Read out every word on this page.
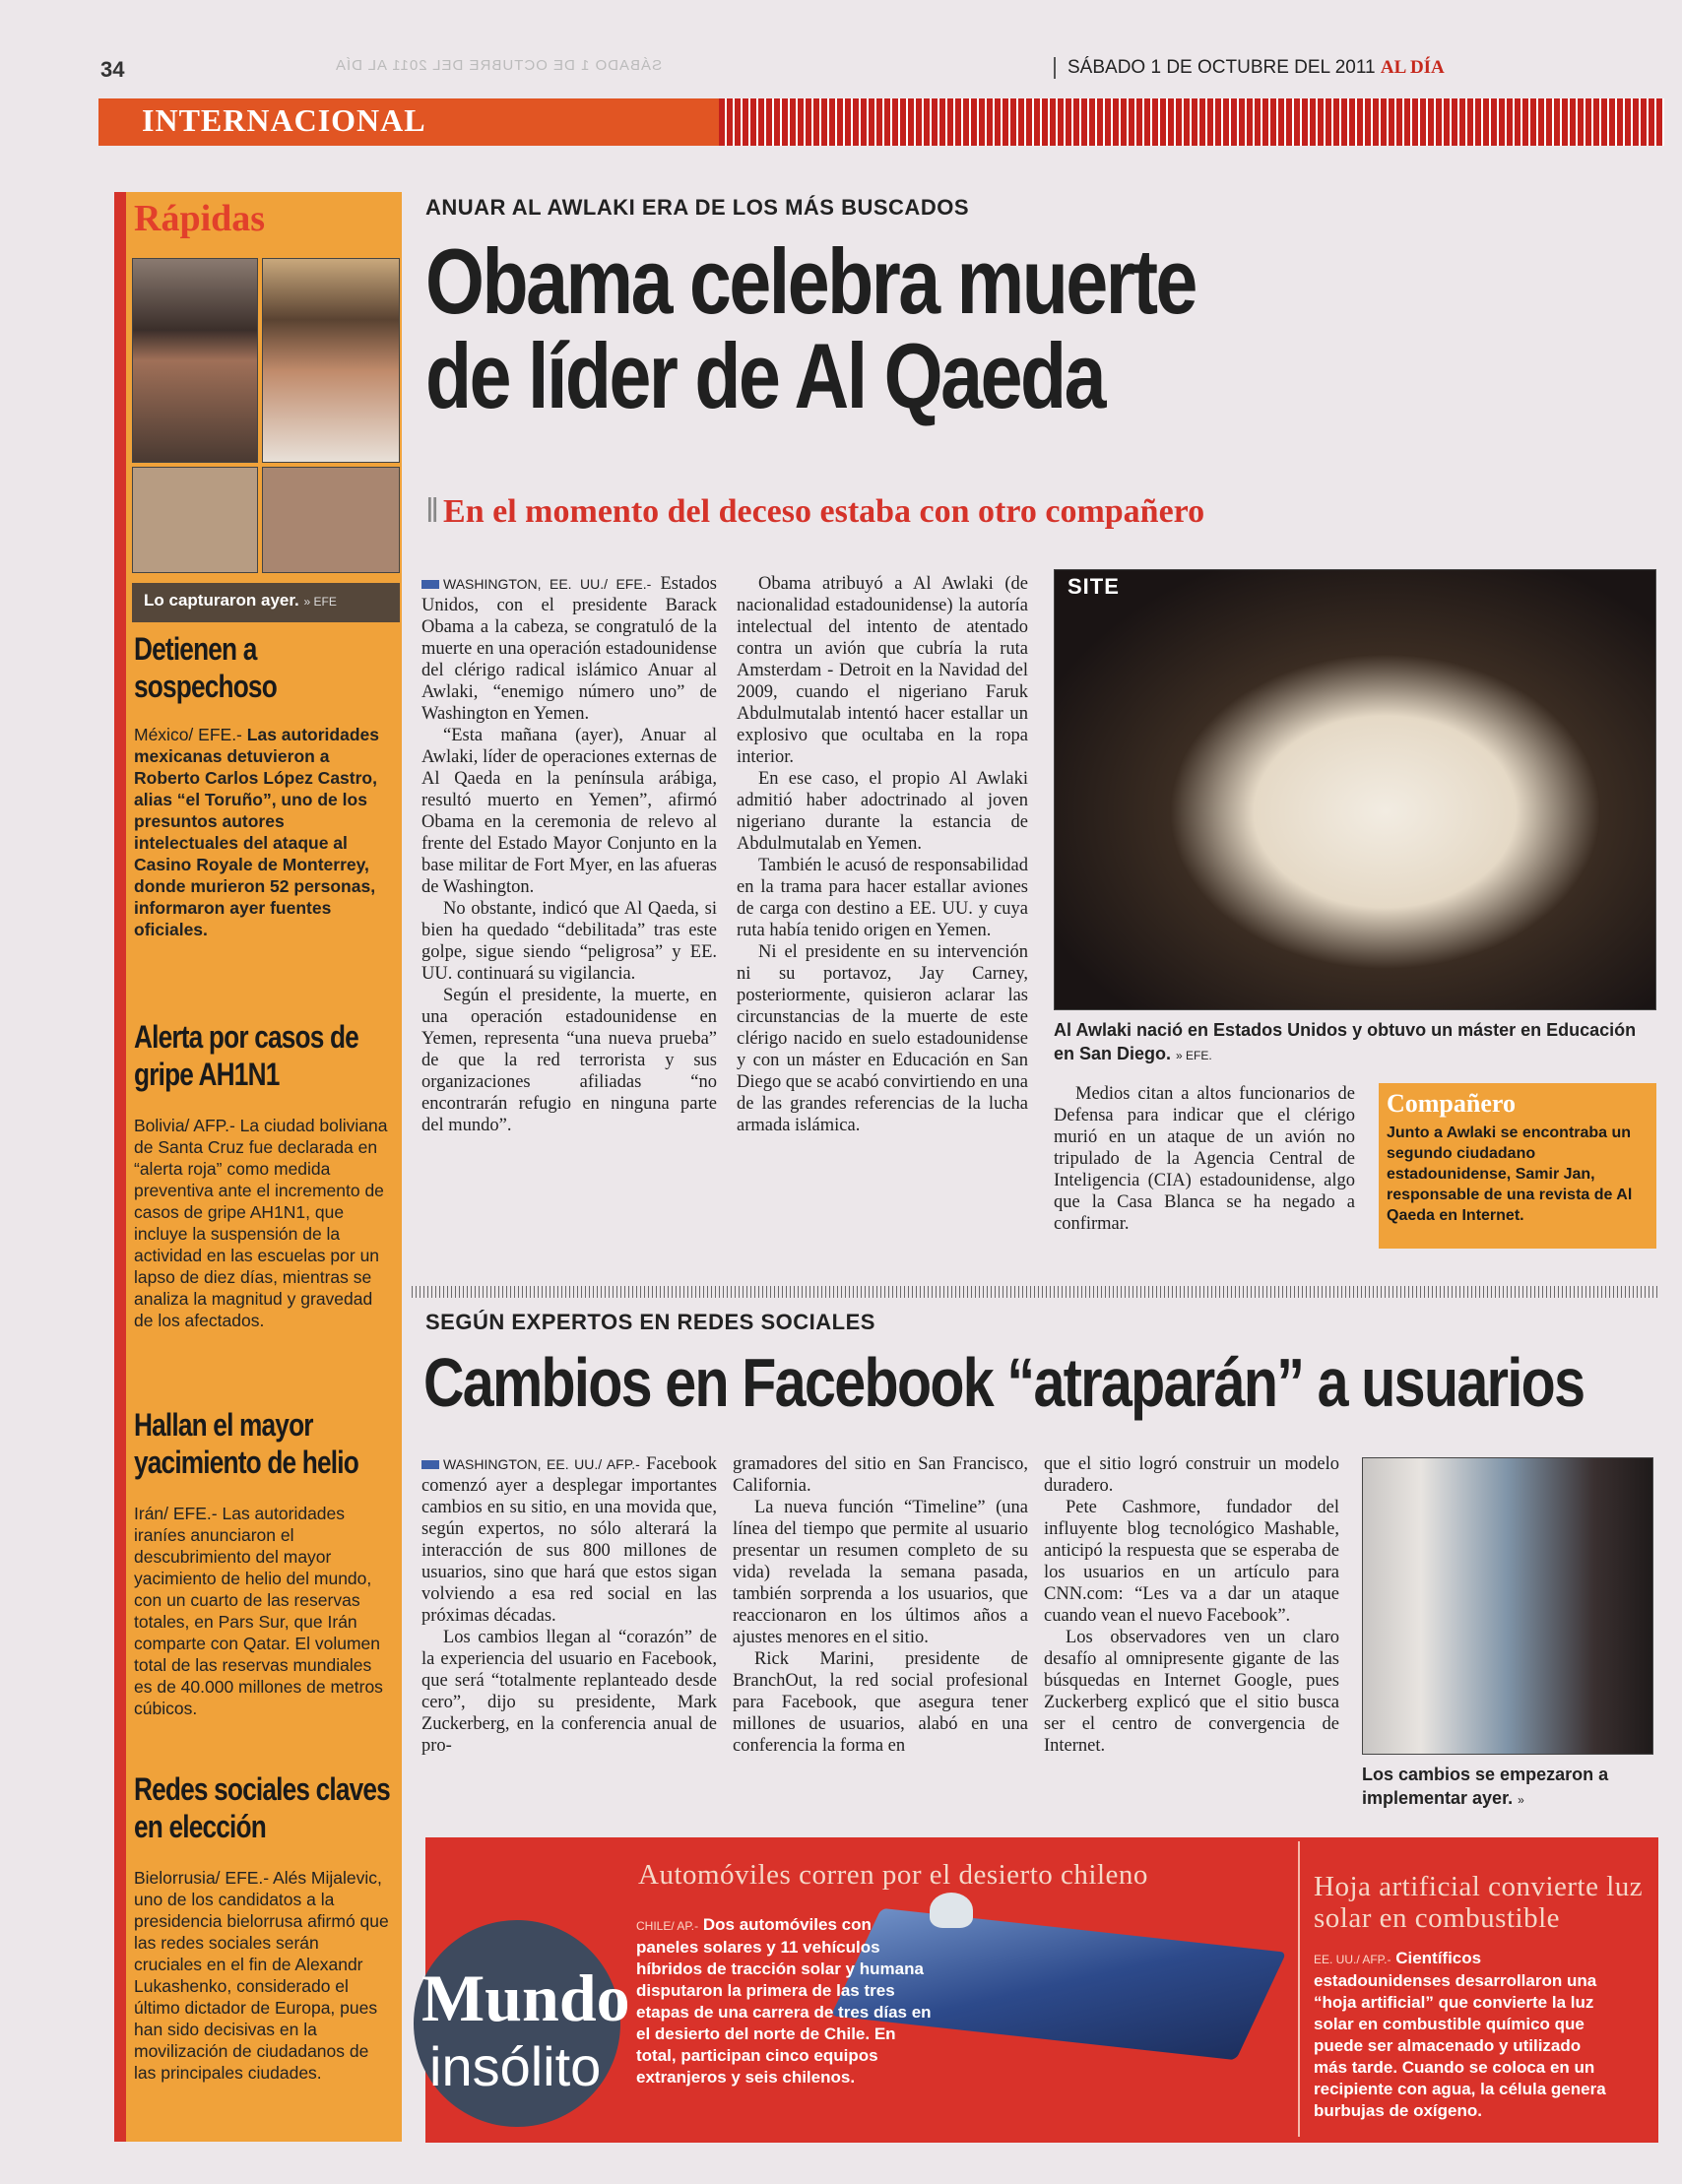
34	SÁBADO 1 DE OCTUBRE DEL 2011 AL DÍA	SÁBADO 1 DE OCTUBRE DEL 2011 AL DÍA
INTERNACIONAL
Rápidas
Lo capturaron ayer. » EFE
Detienen a sospechoso
México/ EFE.- Las autoridades mexicanas detuvieron a Roberto Carlos López Castro, alias “el Toruño”, uno de los presuntos autores intelectuales del ataque al Casino Royale de Monterrey, donde murieron 52 personas, informaron ayer fuentes oficiales.
Alerta por casos de gripe AH1N1
Bolivia/ AFP.- La ciudad boliviana de Santa Cruz fue declarada en “alerta roja” como medida preventiva ante el incremento de casos de gripe AH1N1, que incluye la suspensión de la actividad en las escuelas por un lapso de diez días, mientras se analiza la magnitud y gravedad de los afectados.
Hallan el mayor yacimiento de helio
Irán/ EFE.- Las autoridades iraníes anunciaron el descubrimiento del mayor yacimiento de helio del mundo, con un cuarto de las reservas totales, en Pars Sur, que Irán comparte con Qatar. El volumen total de las reservas mundiales es de 40.000 millones de metros cúbicos.
Redes sociales claves en elección
Bielorrusia/ EFE.- Alés Mijalevic, uno de los candidatos a la presidencia bielorrusa afirmó que las redes sociales serán cruciales en el fin de Alexandr Lukashenko, considerado el último dictador de Europa, pues han sido decisivas en la movilización de ciudadanos de las principales ciudades.
ANUAR AL AWLAKI ERA DE LOS MÁS BUSCADOS
Obama celebra muerte
de líder de Al Qaeda
‖ En el momento del deceso estaba con otro compañero

WASHINGTON, EE. UU./ EFE.- Estados Unidos, con el presidente Barack Obama a la cabeza, se congratuló de la muerte en una operación estadounidense del clérigo radical islámico Anuar al Awlaki, “enemigo número uno” de Washington en Yemen.

“Esta mañana (ayer), Anuar al Awlaki, líder de operaciones externas de Al Qaeda en la península arábiga, resultó muerto en Yemen”, afirmó Obama en la ceremonia de relevo al frente del Estado Mayor Conjunto en la base militar de Fort Myer, en las afueras de Washington.

No obstante, indicó que Al Qaeda, si bien ha quedado “debilitada” tras este golpe, sigue siendo “peligrosa” y EE. UU. continuará su vigilancia.

Según el presidente, la muerte, en una operación estadounidense en Yemen, representa “una nueva prueba” de que la red terrorista y sus organizaciones afiliadas “no encontrarán refugio en ninguna parte del mundo”.

Obama atribuyó a Al Awlaki (de nacionalidad estadounidense) la autoría intelectual del intento de atentado contra un avión que cubría la ruta Amsterdam - Detroit en la Navidad del 2009, cuando el nigeriano Faruk Abdulmutalab intentó hacer estallar un explosivo que ocultaba en la ropa interior.

En ese caso, el propio Al Awlaki admitió haber adoctrinado al joven nigeriano durante la estancia de Abdulmutalab en Yemen.

También le acusó de responsabilidad en la trama para hacer estallar aviones de carga con destino a EE. UU. y cuya ruta había tenido origen en Yemen.

Ni el presidente en su intervención ni su portavoz, Jay Carney, posteriormente, quisieron aclarar las circunstancias de la muerte de este clérigo nacido en suelo estadounidense y con un máster en Educación en San Diego que se acabó convirtiendo en una de las grandes referencias de la lucha armada islámica.

SITE
Al Awlaki nació en Estados Unidos y obtuvo un máster en Educación en San Diego. » EFE.

Medios citan a altos funcionarios de Defensa para indicar que el clérigo murió en un ataque de un avión no tripulado de la Agencia Central de Inteligencia (CIA) estadounidense, algo que la Casa Blanca se ha negado a confirmar.

Compañero
Junto a Awlaki se encontraba un segundo ciudadano estadounidense, Samir Jan, responsable de una revista de Al Qaeda en Internet.
SEGÚN EXPERTOS EN REDES SOCIALES
Cambios en Facebook “atraparán” a usuarios

WASHINGTON, EE. UU./ AFP.- Facebook comenzó ayer a desplegar importantes cambios en su sitio, en una movida que, según expertos, no sólo alterará la interacción de sus 800 millones de usuarios, sino que hará que estos sigan volviendo a esa red social en las próximas décadas.

Los cambios llegan al “corazón” de la experiencia del usuario en Facebook, que será “totalmente replanteado desde cero”, dijo su presidente, Mark Zuckerberg, en la conferencia anual de pro-

gramadores del sitio en San Francisco, California.

La nueva función “Timeline” (una línea del tiempo que permite al usuario presentar un resumen completo de su vida) revelada la semana pasada, también sorprenda a los usuarios, que reaccionaron en los últimos años a ajustes menores en el sitio.

Rick Marini, presidente de BranchOut, la red social profesional para Facebook, que asegura tener millones de usuarios, alabó en una conferencia la forma en

que el sitio logró construir un modelo duradero.

Pete Cashmore, fundador del influyente blog tecnológico Mashable, anticipó la respuesta que se esperaba de los usuarios en un artículo para CNN.com: “Les va a dar un ataque cuando vean el nuevo Facebook”.

Los observadores ven un claro desafío al omnipresente gigante de las búsquedas en Internet Google, pues Zuckerberg explicó que el sitio busca ser el centro de convergencia de Internet.

Los cambios se empezaron a implementar ayer. »
Mundo
insólito
Automóviles corren por el desierto chileno
CHILE/ AP.- Dos automóviles con paneles solares y 11 vehículos híbridos de tracción solar y humana disputaron la primera de las tres etapas de una carrera de tres días en el desierto del norte de Chile. En total, participan cinco equipos extranjeros y seis chilenos.
Hoja artificial convierte luz solar en combustible
EE. UU./ AFP.- Científicos estadounidenses desarrollaron una “hoja artificial” que convierte la luz solar en combustible químico que puede ser almacenado y utilizado más tarde. Cuando se coloca en un recipiente con agua, la célula genera burbujas de oxígeno.
